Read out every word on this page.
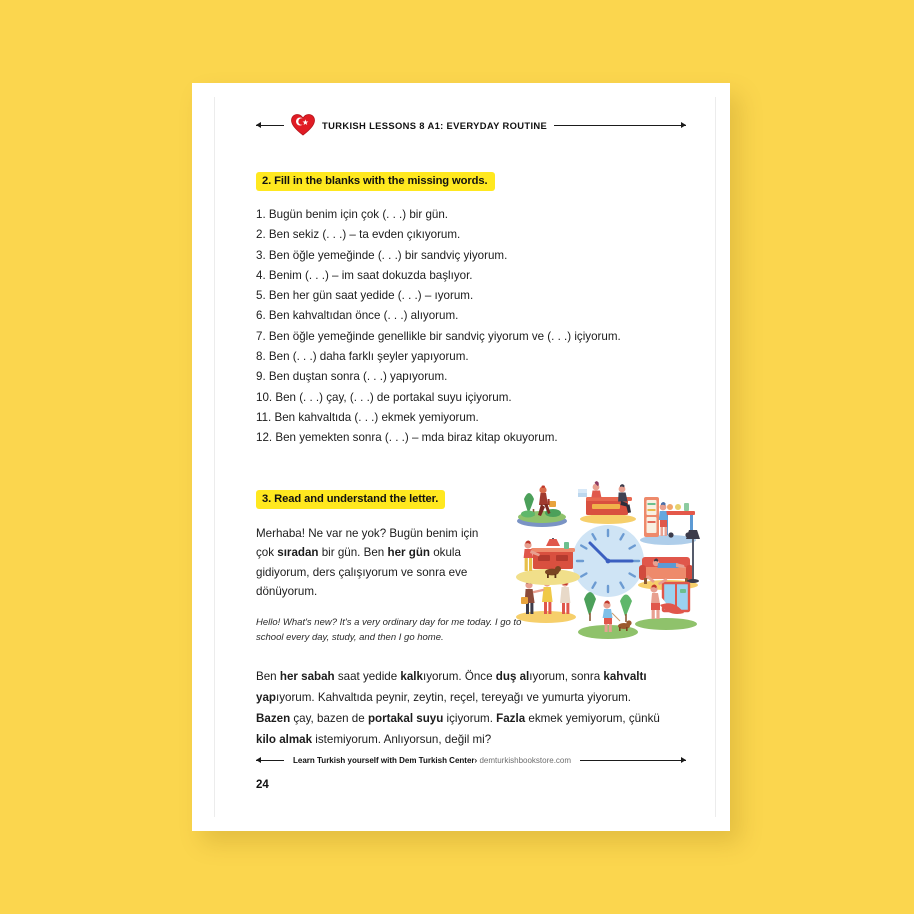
TURKISH LESSONS 8 A1: EVERYDAY ROUTINE
2. Fill in the blanks with the missing words.
1. Bugün benim için çok (. . .) bir gün.
2. Ben sekiz (. . .) – ta evden çıkıyorum.
3. Ben öğle yemeğinde (. . .) bir sandviç yiyorum.
4. Benim (. . .) – im saat dokuzda başlıyor.
5. Ben her gün saat yedide (. . .) – ıyorum.
6. Ben kahvaltıdan önce (. . .) alıyorum.
7. Ben öğle yemeğinde genellikle bir sandviç yiyorum ve (. . .) içiyorum.
8. Ben (. . .) daha farklı şeyler yapıyorum.
9. Ben duştan sonra (. . .) yapıyorum.
10. Ben (. . .) çay, (. . .) de portakal suyu içiyorum.
11. Ben kahvaltıda (. . .) ekmek yemiyorum.
12. Ben yemekten sonra (. . .) – mda biraz kitap okuyorum.
3. Read and understand the letter.

Merhaba! Ne var ne yok? Bugün benim için çok sıradan bir gün. Ben her gün okula gidiyorum, ders çalışıyorum ve sonra eve dönüyorum.

Hello! What's new? It's a very ordinary day for me today. I go to school every day, study, and then I go home.

Ben her sabah saat yedide kalkıyorum. Önce duş alıyorum, sonra kahvaltı yapıyorum. Kahvaltıda peynir, zeytin, reçel, tereyağı ve yumurta yiyorum. Bazen çay, bazen de portakal suyu içiyorum. Fazla ekmek yemiyorum, çünkü kilo almak istemiyorum. Anlıyorsun, değil mi?

Learn Turkish yourself with Dem Turkish Center› demturkishbookstore.com
24
